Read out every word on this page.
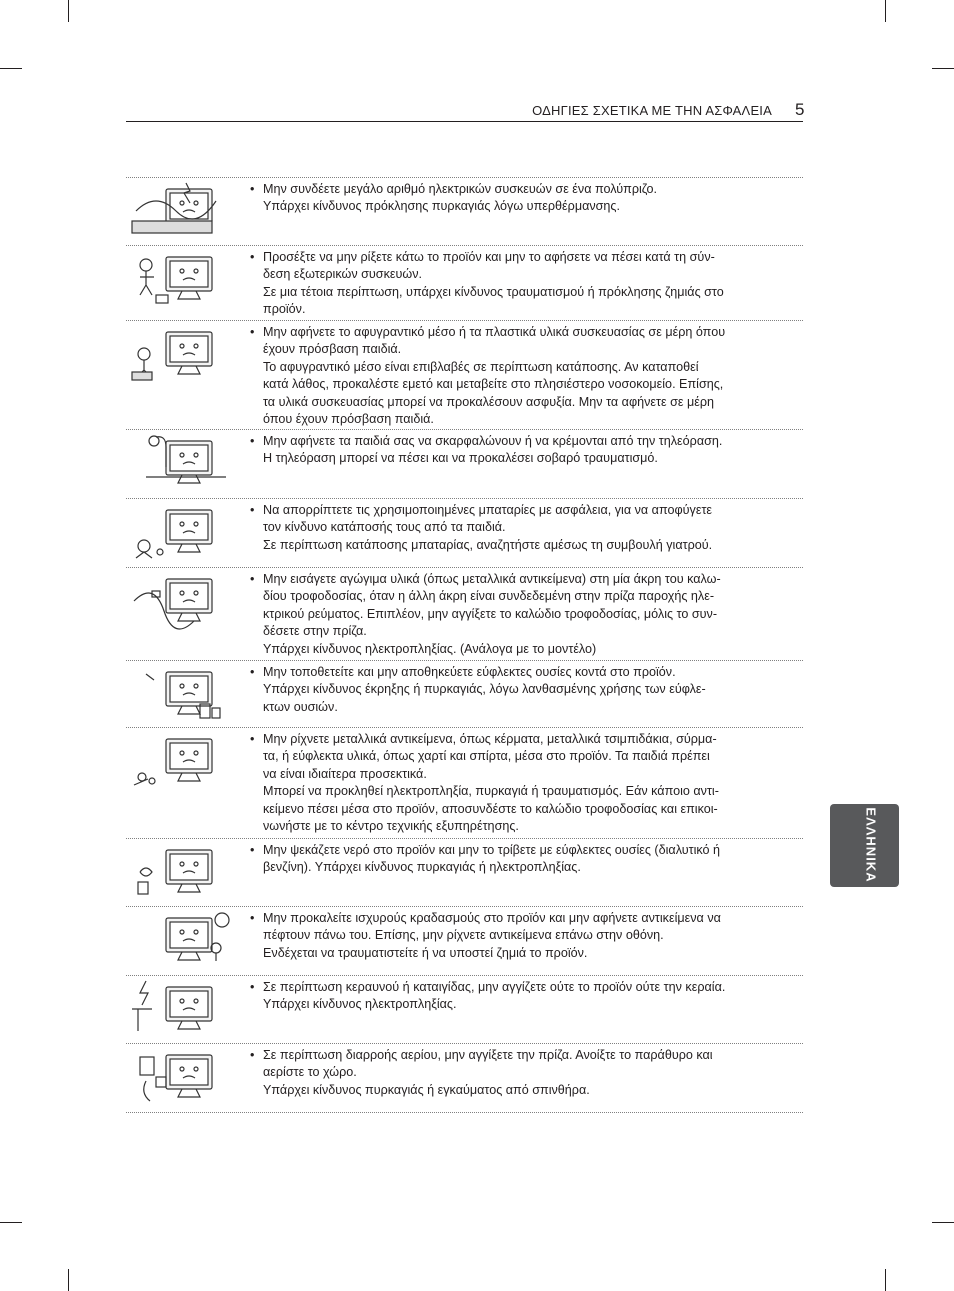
ΟΔΗΓΙΕΣ ΣΧΕΤΙΚΑ ΜΕ ΤΗΝ ΑΣΦΑΛΕΙΑ 5
ΕΛΛΗΝΙΚΑ
• Μην συνδέετε μεγάλο αριθμό ηλεκτρικών συσκευών σε ένα πολύπριζο.

Υπάρχει κίνδυνος πρόκλησης πυρκαγιάς λόγω υπερθέρμανσης.

• Προσέξτε να μην ρίξετε κάτω το προϊόν και μην το αφήσετε να πέσει κατά τη σύν-

δεση εξωτερικών συσκευών.

Σε μια τέτοια περίπτωση, υπάρχει κίνδυνος τραυματισμού ή πρόκλησης ζημιάς στο

προϊόν.

• Μην αφήνετε το αφυγραντικό μέσο ή τα πλαστικά υλικά συσκευασίας σε μέρη όπου

έχουν πρόσβαση παιδιά.

Το αφυγραντικό μέσο είναι επιβλαβές σε περίπτωση κατάποσης. Αν καταποθεί

κατά λάθος, προκαλέστε εμετό και μεταβείτε στο πλησιέστερο νοσοκομείο. Επίσης,

τα υλικά συσκευασίας μπορεί να προκαλέσουν ασφυξία. Μην τα αφήνετε σε μέρη

όπου έχουν πρόσβαση παιδιά.

• Μην αφήνετε τα παιδιά σας να σκαρφαλώνουν ή να κρέμονται από την τηλεόραση.

Η τηλεόραση μπορεί να πέσει και να προκαλέσει σοβαρό τραυματισμό.

• Να απορρίπτετε τις χρησιμοποιημένες μπαταρίες με ασφάλεια, για να αποφύγετε

τον κίνδυνο κατάποσής τους από τα παιδιά.

Σε περίπτωση κατάποσης μπαταρίας, αναζητήστε αμέσως τη συμβουλή γιατρού.

• Μην εισάγετε αγώγιμα υλικά (όπως μεταλλικά αντικείμενα) στη μία άκρη του καλω-

δίου τροφοδοσίας, όταν η άλλη άκρη είναι συνδεδεμένη στην πρίζα παροχής ηλε-

κτρικού ρεύματος. Επιπλέον, μην αγγίξετε το καλώδιο τροφοδοσίας, μόλις το συν-

δέσετε στην πρίζα.

Υπάρχει κίνδυνος ηλεκτροπληξίας. (Ανάλογα με το μοντέλο)

• Μην τοποθετείτε και μην αποθηκεύετε εύφλεκτες ουσίες κοντά στο προϊόν.

Υπάρχει κίνδυνος έκρηξης ή πυρκαγιάς, λόγω λανθασμένης χρήσης των εύφλε-

κτων ουσιών.

• Μην ρίχνετε μεταλλικά αντικείμενα, όπως κέρματα, μεταλλικά τσιμπιδάκια, σύρμα-

τα, ή εύφλεκτα υλικά, όπως χαρτί και σπίρτα, μέσα στο προϊόν. Τα παιδιά πρέπει

να είναι ιδιαίτερα προσεκτικά.

Μπορεί να προκληθεί ηλεκτροπληξία, πυρκαγιά ή τραυματισμός. Εάν κάποιο αντι-

κείμενο πέσει μέσα στο προϊόν, αποσυνδέστε το καλώδιο τροφοδοσίας και επικοι-

νωνήστε με το κέντρο τεχνικής εξυπηρέτησης.

• Μην ψεκάζετε νερό στο προϊόν και μην το τρίβετε με εύφλεκτες ουσίες (διαλυτικό ή

βενζίνη). Υπάρχει κίνδυνος πυρκαγιάς ή ηλεκτροπληξίας.

• Μην προκαλείτε ισχυρούς κραδασμούς στο προϊόν και μην αφήνετε αντικείμενα να

πέφτουν πάνω του. Επίσης, μην ρίχνετε αντικείμενα επάνω στην οθόνη.

Ενδέχεται να τραυματιστείτε ή να υποστεί ζημιά το προϊόν.

• Σε περίπτωση κεραυνού ή καταιγίδας, μην αγγίζετε ούτε το προϊόν ούτε την κεραία.

Υπάρχει κίνδυνος ηλεκτροπληξίας.

• Σε περίπτωση διαρροής αερίου, μην αγγίξετε την πρίζα. Ανοίξτε το παράθυρο και

αερίστε το χώρο.

Υπάρχει κίνδυνος πυρκαγιάς ή εγκαύματος από σπινθήρα.
